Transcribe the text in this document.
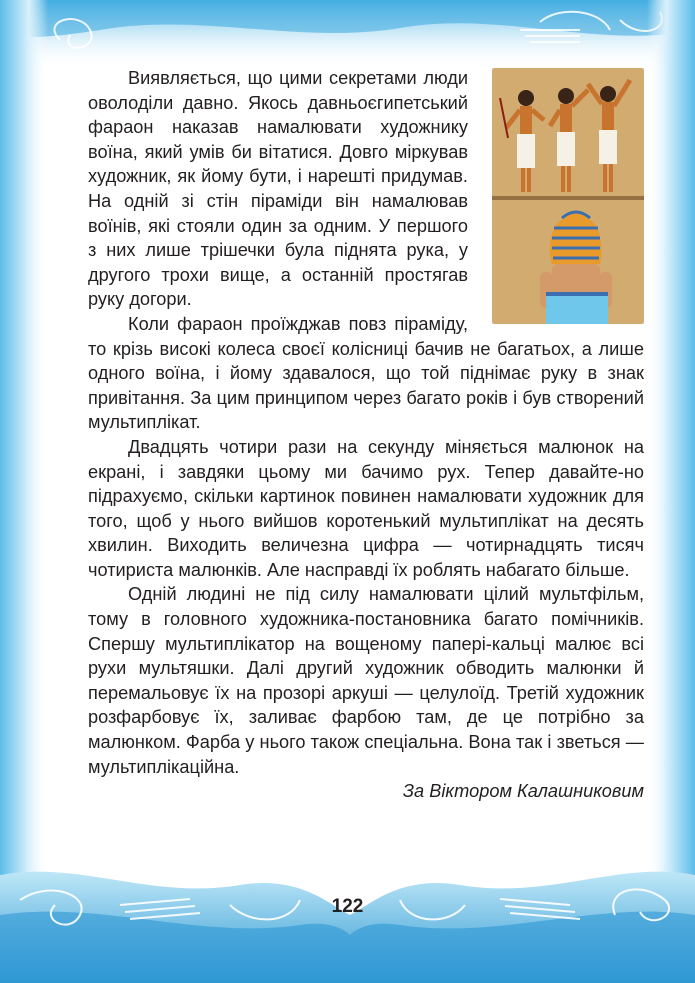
Виявляється, що цими секретами люди оволоділи давно. Якось давньоєгипетський фараон наказав намалювати художнику воїна, який умів би вітатися. Довго міркував художник, як йому бути, і нарешті придумав. На одній зі стін піраміди він намалював воїнів, які стояли один за одним. У першого з них лише трішечки була піднята рука, у другого трохи вище, а останній простягав руку догори.

Коли фараон проїжджав повз піраміду, то крізь високі колеса своєї колісниці бачив не багатьох, а лише одного воїна, і йому здавалося, що той піднімає руку в знак привітання. За цим принципом через багато років і був створений мультиплікат.

Двадцять чотири рази на секунду міняється малюнок на екрані, і завдяки цьому ми бачимо рух. Тепер давайте-но підрахуємо, скільки картинок повинен намалювати художник для того, щоб у нього вийшов коротенький мультиплікат на десять хвилин. Виходить величезна цифра — чотирнадцять тисяч чотириста малюнків. Але насправді їх роблять набагато більше.

Одній людині не під силу намалювати цілий мультфільм, тому в головного художника-постановника багато помічників. Спершу мультиплікатор на вощеному папері-кальці малює всі рухи мультяшки. Далі другий художник обводить малюнки й перемальовує їх на прозорі аркуші — целулоїд. Третій художник розфарбовує їх, заливає фарбою там, де це потрібно за малюнком. Фарба у нього також спеціальна. Вона так і зветься — мультиплікаційна.

За Віктором Калашниковим

122
